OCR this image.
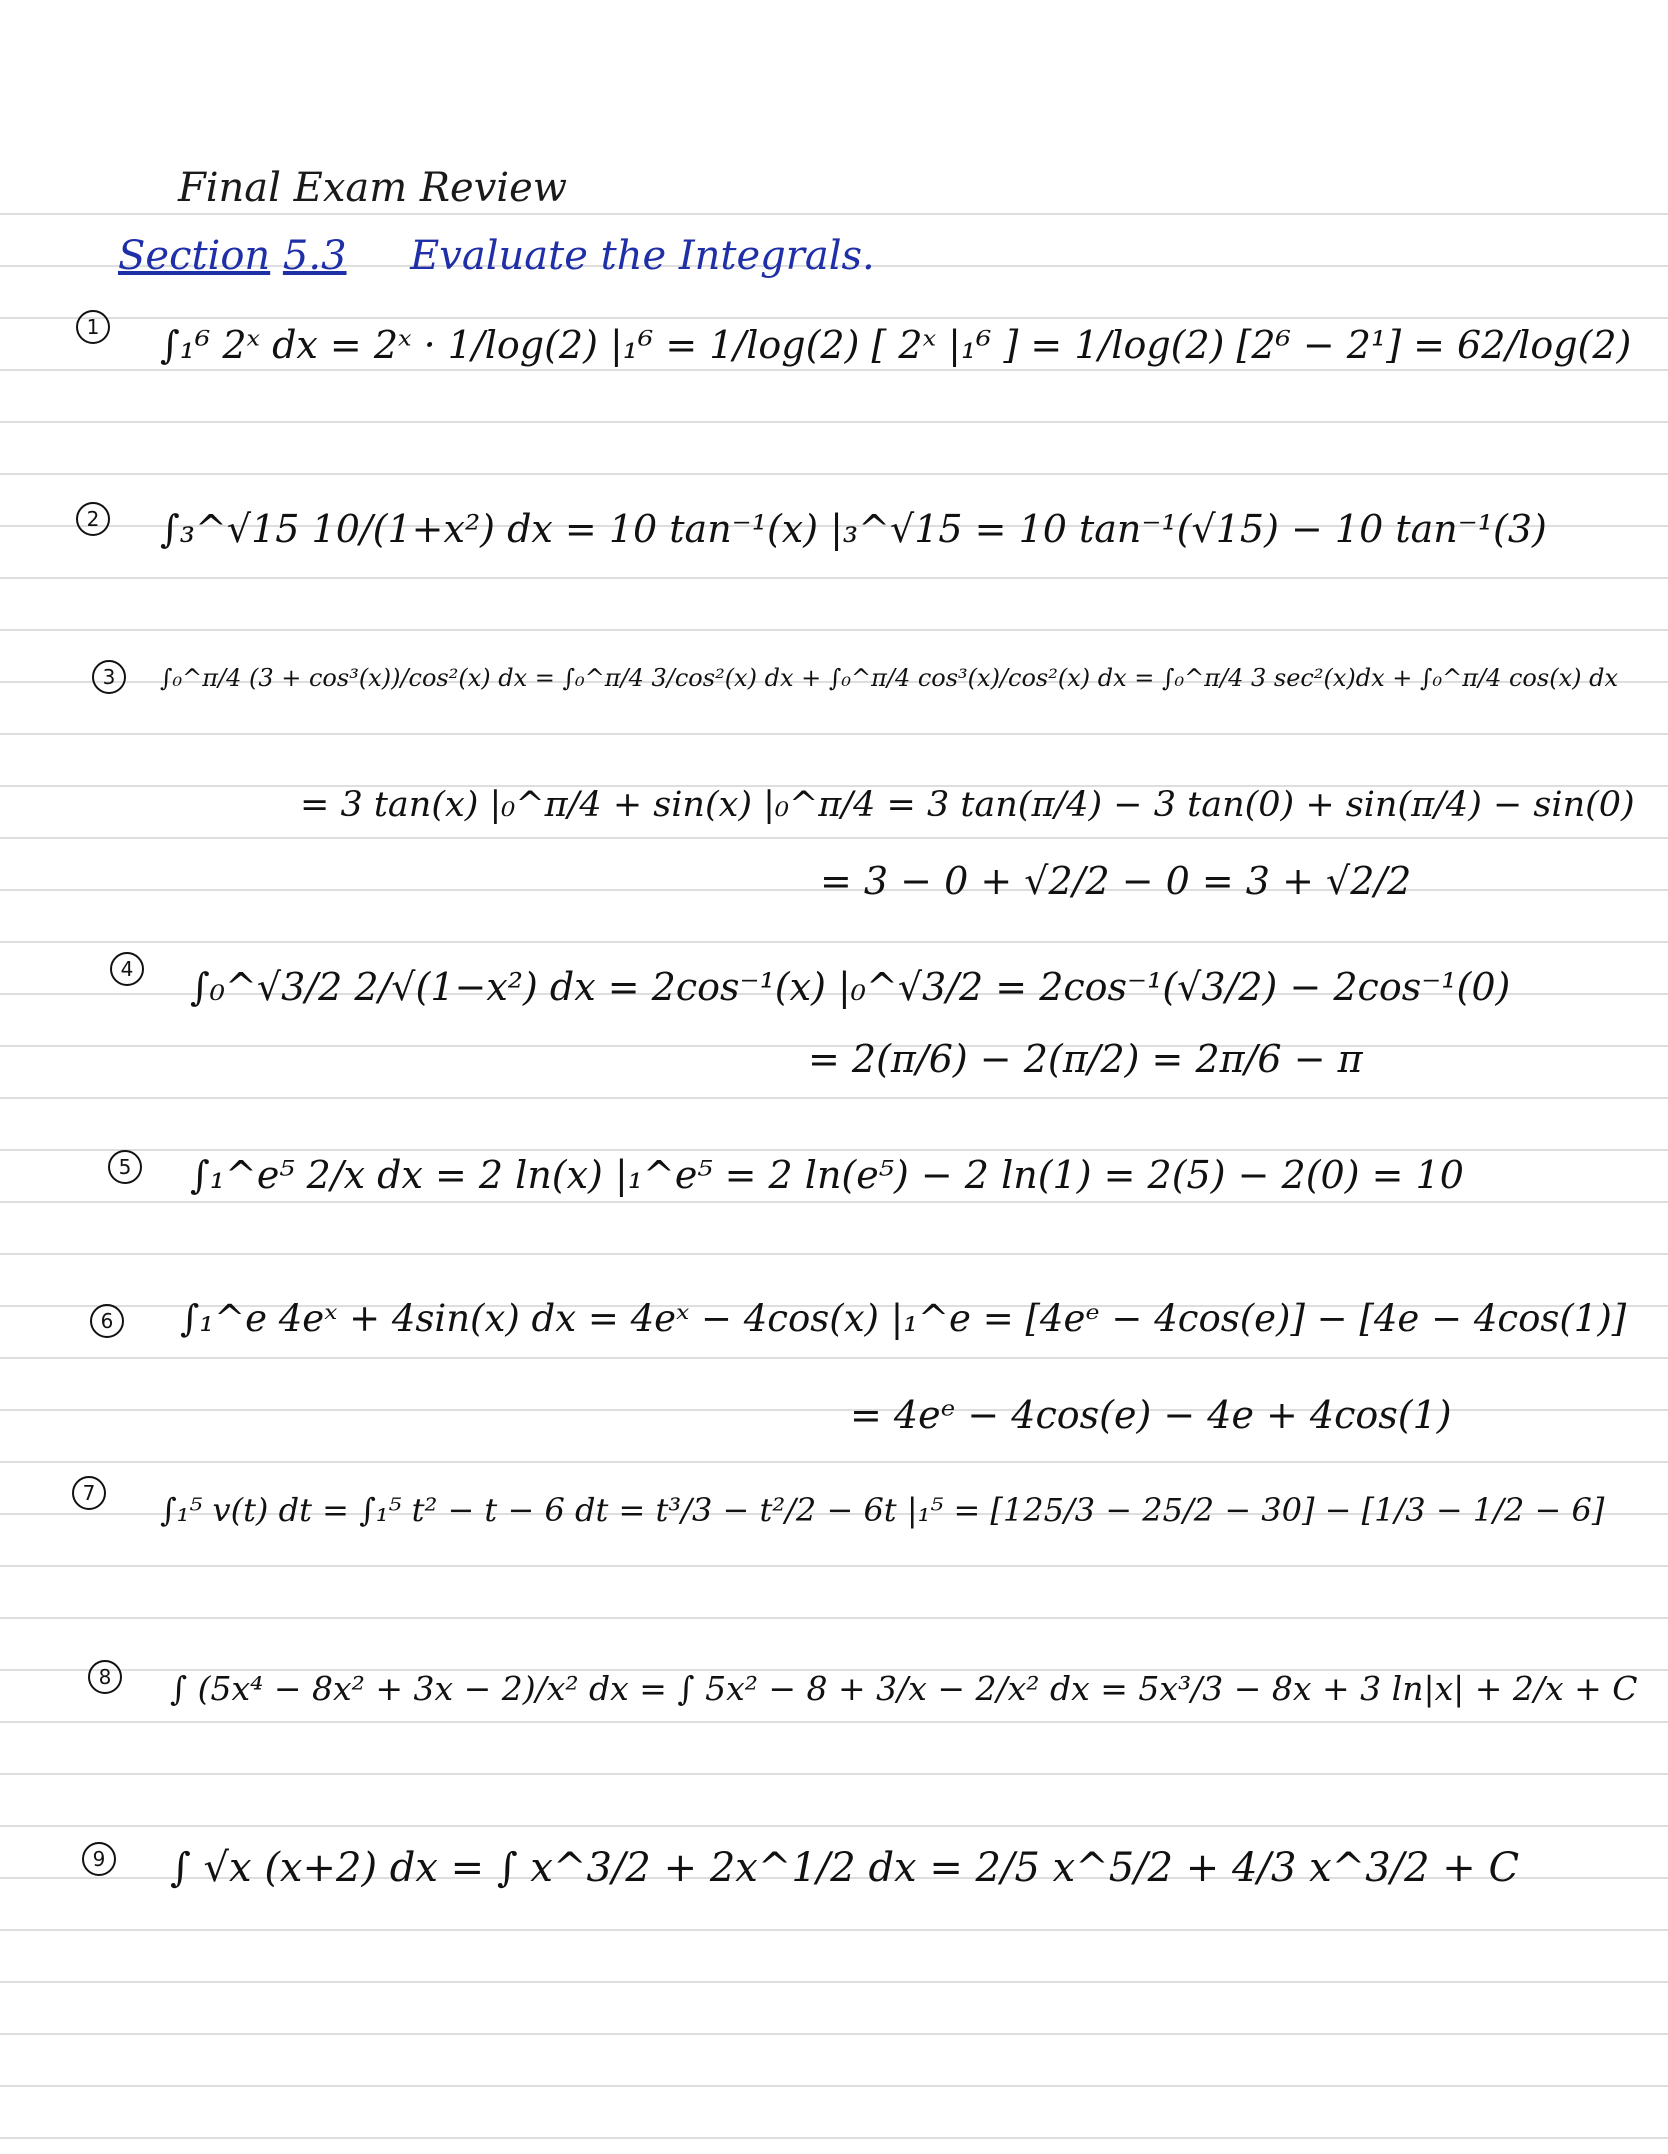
Final Exam Review
Section 5.3 Evaluate the Integrals.
1 ∫₁⁶ 2ˣ dx = 2ˣ · 1/log(2) |₁⁶ = 1/log(2) [ 2ˣ |₁⁶ ] = 1/log(2) [2⁶ − 2¹] = 62/log(2)
2 ∫₃^√15 10/(1+x²) dx = 10 tan⁻¹(x) |₃^√15 = 10 tan⁻¹(√15) − 10 tan⁻¹(3)
3	∫₀^π/4 (3 + cos³(x))/cos²(x) dx = ∫₀^π/4 3/cos²(x) dx + ∫₀^π/4 cos³(x)/cos²(x) dx = ∫₀^π/4 3 sec²(x)dx + ∫₀^π/4 cos(x) dx
= 3 tan(x) |₀^π/4 + sin(x) |₀^π/4 = 3 tan(π/4) − 3 tan(0) + sin(π/4) − sin(0)
= 3 − 0 + √2/2 − 0 = 3 + √2/2
4 ∫₀^√3/2 2/√(1−x²) dx = 2cos⁻¹(x) |₀^√3/2 = 2cos⁻¹(√3/2) − 2cos⁻¹(0)
= 2(π/6) − 2(π/2) = 2π/6 − π
5 ∫₁^e⁵ 2/x dx = 2 ln(x) |₁^e⁵ = 2 ln(e⁵) − 2 ln(1) = 2(5) − 2(0) = 10
6 ∫₁^e 4eˣ + 4sin(x) dx = 4eˣ − 4cos(x) |₁^e = [4eᵉ − 4cos(e)] − [4e − 4cos(1)]
= 4eᵉ − 4cos(e) − 4e + 4cos(1)
7	∫₁⁵ v(t) dt = ∫₁⁵ t² − t − 6 dt = t³/3 − t²/2 − 6t |₁⁵ = [125/3 − 25/2 − 30] − [1/3 − 1/2 − 6]
8	∫ (5x⁴ − 8x² + 3x − 2)/x² dx = ∫ 5x² − 8 + 3/x − 2/x² dx = 5x³/3 − 8x + 3 ln|x| + 2/x + C
9 ∫ √x (x+2) dx = ∫ x^3/2 + 2x^1/2 dx = 2/5 x^5/2 + 4/3 x^3/2 + C
